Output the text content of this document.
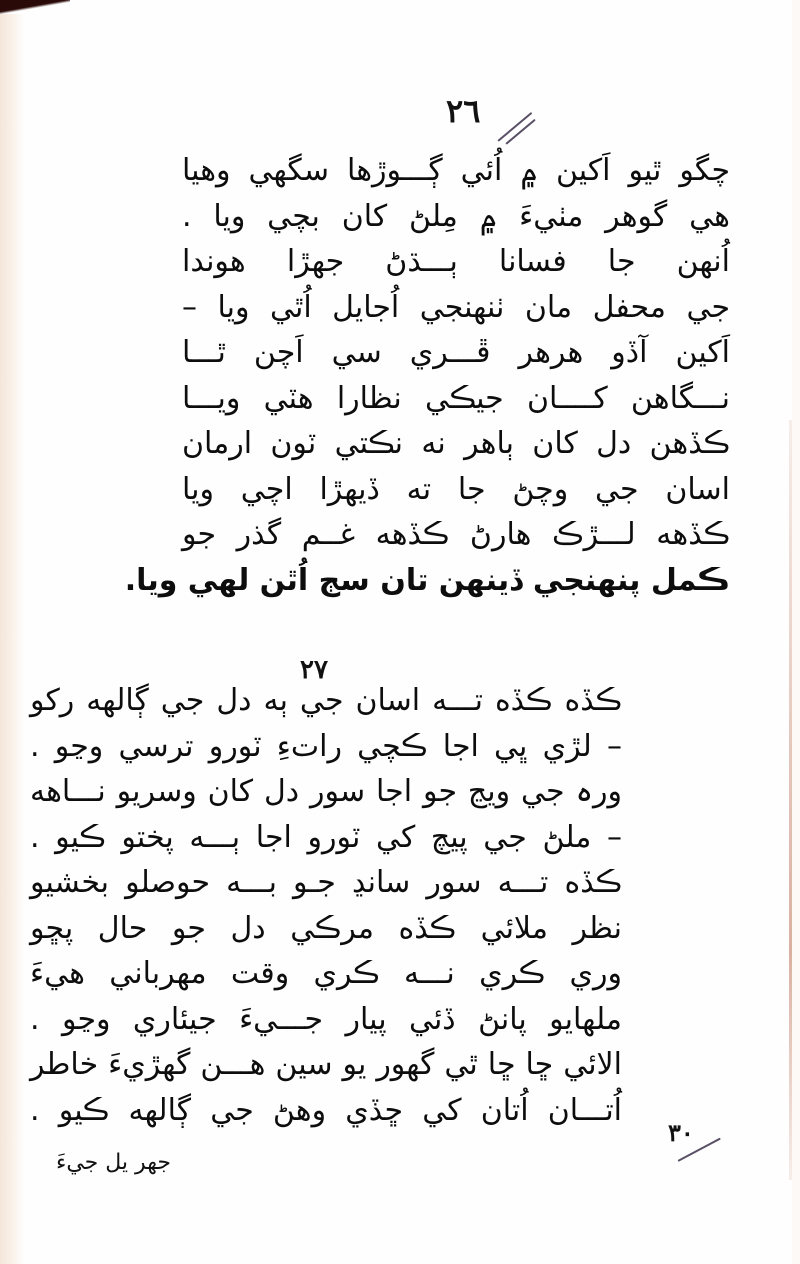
۲٦
چگو ٿيو اَکين ۾ اُئي ڳـــوڙها سگهي وهيا
هي گوهر مٺيءَ ۾ مِلڻ کان بچي ويا .
اُنهن جا فسانا ٻـــڌڻ جهڙا هوندا
جي محفل مان ٺنهنجي اُجايل اُٿي ويا –
اَکين آڏو هرهر ڦـــري سي اَچن ٿـــا
نـــگاهن کــــان جيڪي نظارا هٽي ويـــا
ڪڏهن دل کان ٻاهر نه نڪتي ٽون ارمان
اسان جي وچڻ جا ته ڏيهڙا اچي ويا
ڪڏهه لـــڙڪ هارڻ ڪڏهه غــم گذر جو
ڪمل پنهنجي ڏينهن تان سڄ اُٿن لهي ويا.
۲٧
ڪڏه ڪڏه تـــه اسان جي ٻه دل جي ڳالهه رکو
– لڙي ڀي اجا ڪچي راتءِ ٽورو ترسي وڃو .
ورہ جي ويڃ جو اجا سور دل کان وسريو نـــاهه
– ملڻ جي پيچ کي ٽورو اجا ٻـــه پختو ڪيو .
ڪڏه تـــه سور سانڍ جـو بـــه حوصلو بخشيو
نظر ملائي ڪڏه مرڪي دل جو حال پڇو
وري ڪري نـــه ڪري وقت مهرباني هيءَ
ملهايو پانڻ ڏئي پيار جـــيءَ جيئاري وڃو .
الائي ڇا ڇا ٿي گهور يو سين هـــن گهڙيءَ خاطر
اُتـــان اُتان کي ڇڏي وهڻ جي ڳالهه ڪيو .
جهر يل جيءَ
۳۰
